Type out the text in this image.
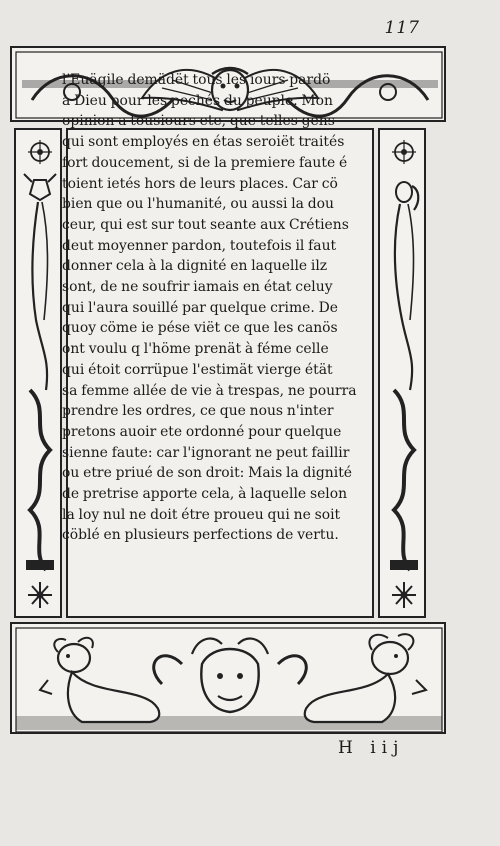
117
l'Euägile demädët tous les iours pardö
à Dieu pour les pechés du peuple. Mon
opinion a tousiours ete, que telles gens
qui sont employés en étas seroiët traités
fort doucement, si de la premiere faute é
toient ietés hors de leurs places. Car cö
bien que ou l'humanité, ou aussi la dou
ceur, qui est sur tout seante aux Crétiens
deut moyenner pardon, toutefois il faut
donner cela à la dignité en laquelle ilz
sont, de ne soufrir iamais en état celuy
qui l'aura souillé par quelque crime. De
quoy cöme ie pése viët ce que les canös
ont voulu q l'höme prenät à féme celle
qui étoit corrüpue l'estimät vierge étät
sa femme allée de vie à trespas, ne pourra
prendre les ordres, ce que nous n'inter
pretons auoir ete ordonné pour quelque
sienne faute: car l'ignorant ne peut faillir
ou etre priué de son droit: Mais la dignité
de pretrise apporte cela, à laquelle selon
la loy nul ne doit étre proueu qui ne soit
cöblé en plusieurs perfections de vertu.
H iij
